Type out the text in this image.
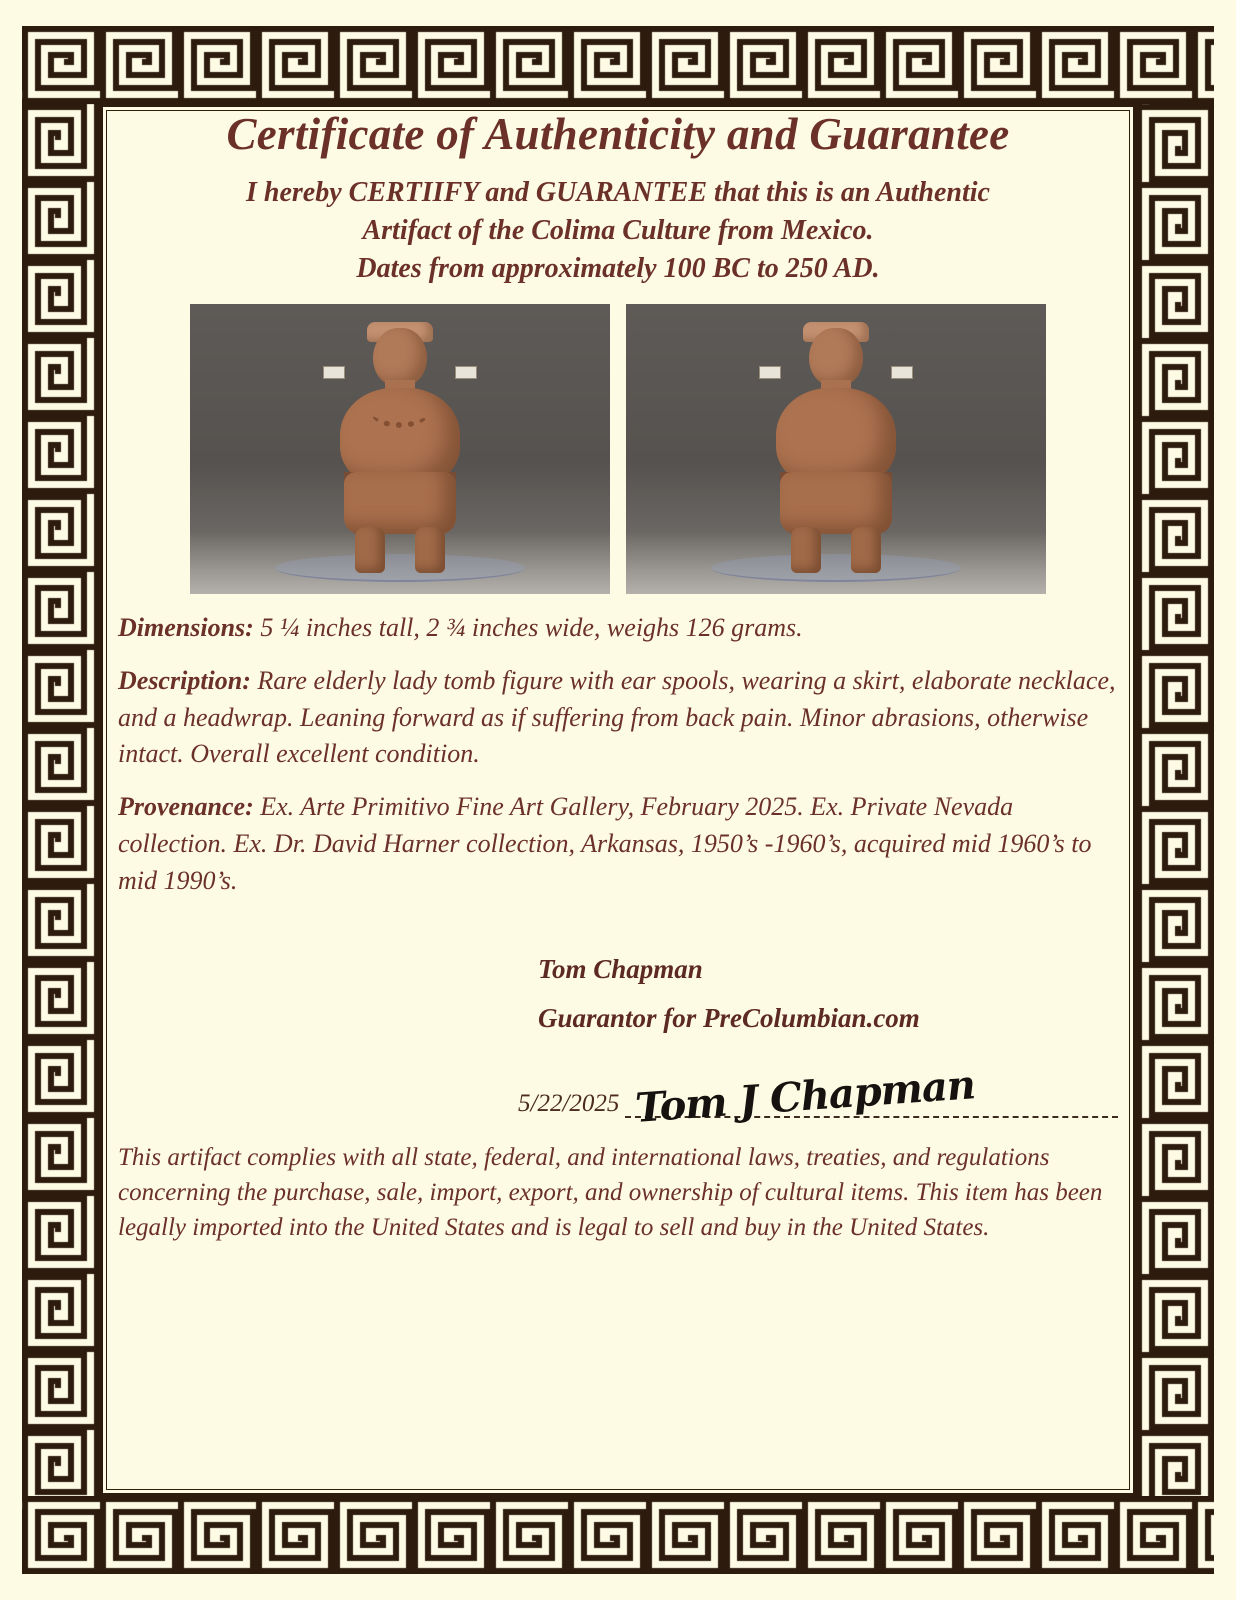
Certificate of Authenticity and Guarantee
I hereby CERTIIFY and GUARANTEE that this is an Authentic
Artifact of the Colima Culture from Mexico.
Dates from approximately 100 BC to 250 AD.

Dimensions: 5 ¼ inches tall, 2 ¾ inches wide, weighs 126 grams.

Description: Rare elderly lady tomb figure with ear spools, wearing a skirt, elaborate necklace, and a headwrap. Leaning forward as if suffering from back pain. Minor abrasions, otherwise intact. Overall excellent condition.

Provenance: Ex. Arte Primitivo Fine Art Gallery, February 2025. Ex. Private Nevada collection. Ex. Dr. David Harner collection, Arkansas, 1950’s -1960’s, acquired mid 1960’s to mid 1990’s.

Tom Chapman
Guarantor for PreColumbian.com
5/22/2025 Tom J Chapman

This artifact complies with all state, federal, and international laws, treaties, and regulations concerning the purchase, sale, import, export, and ownership of cultural items. This item has been legally imported into the United States and is legal to sell and buy in the United States.
